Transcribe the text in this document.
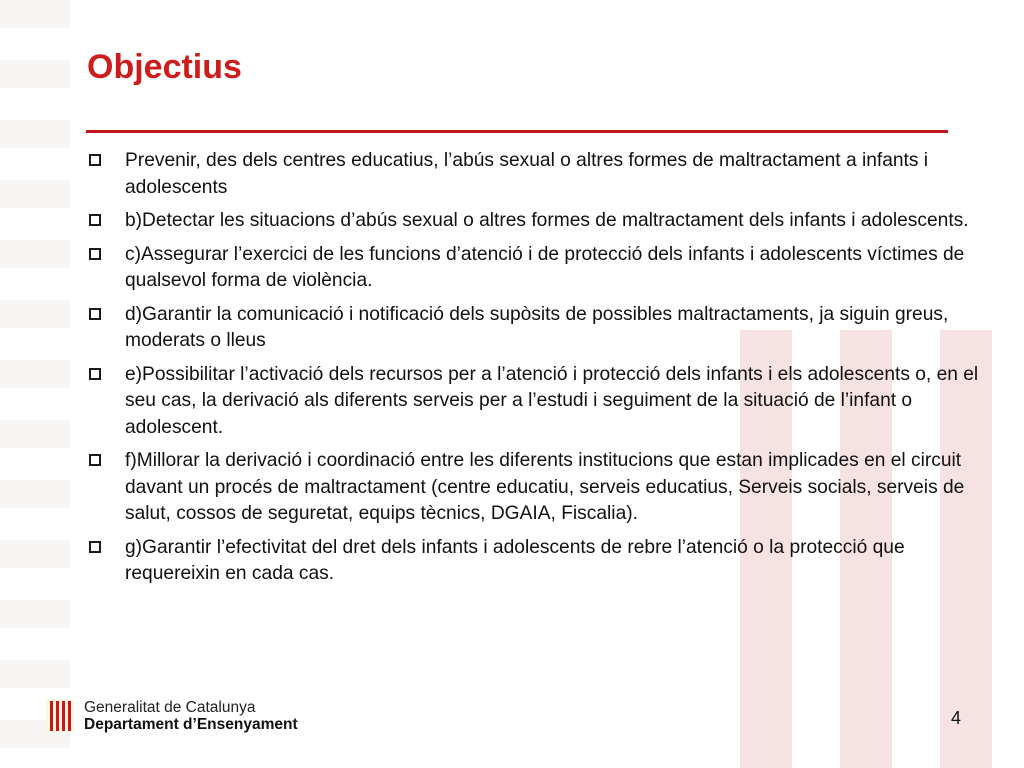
Objectius
Prevenir, des dels centres educatius, l’abús sexual o altres formes de maltractament a infants i adolescents
b)Detectar les situacions d’abús sexual o altres formes de maltractament dels infants i adolescents.
c)Assegurar l’exercici de les funcions d’atenció i de protecció dels infants i adolescents víctimes de qualsevol forma de violència.
d)Garantir la comunicació i notificació dels supòsits de possibles maltractaments, ja siguin greus, moderats o lleus
e)Possibilitar l’activació dels recursos per a l’atenció i protecció dels infants i els adolescents o, en el seu cas, la derivació als diferents serveis per a l’estudi i seguiment de la situació de l’infant o adolescent.
f)Millorar la derivació i coordinació entre les diferents institucions que estan implicades en el circuit davant un procés de maltractament (centre educatiu, serveis educatius, Serveis socials, serveis de salut, cossos de seguretat, equips tècnics, DGAIA, Fiscalia).
g)Garantir l’efectivitat del dret dels infants i adolescents de rebre l’atenció o la protecció que requereixin en cada cas.
Generalitat de Catalunya
Departament d’Ensenyament	4
